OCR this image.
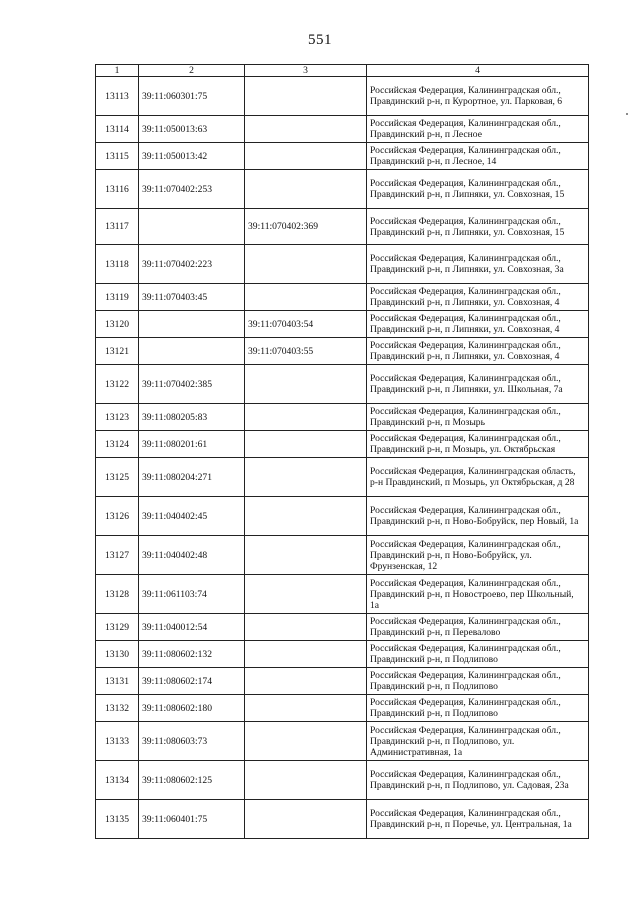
551
1	2	3	4
13113	39:11:060301:75		Российская Федерация, Калининградская обл., Правдинский р-н, п Курортное, ул. Парковая, 6
13114	39:11:050013:63		Российская Федерация, Калининградская обл., Правдинский р-н, п Лесное
13115	39:11:050013:42		Российская Федерация, Калининградская обл., Правдинский р-н, п Лесное, 14
13116	39:11:070402:253		Российская Федерация, Калининградская обл., Правдинский р-н, п Липняки, ул. Совхозная, 15
13117		39:11:070402:369	Российская Федерация, Калининградская обл., Правдинский р-н, п Липняки, ул. Совхозная, 15
13118	39:11:070402:223		Российская Федерация, Калининградская обл., Правдинский р-н, п Липняки, ул. Совхозная, 3а
13119	39:11:070403:45		Российская Федерация, Калининградская обл., Правдинский р-н, п Липняки, ул. Совхозная, 4
13120		39:11:070403:54	Российская Федерация, Калининградская обл., Правдинский р-н, п Липняки, ул. Совхозная, 4
13121		39:11:070403:55	Российская Федерация, Калининградская обл., Правдинский р-н, п Липняки, ул. Совхозная, 4
13122	39:11:070402:385		Российская Федерация, Калининградская обл., Правдинский р-н, п Липняки, ул. Школьная, 7а
13123	39:11:080205:83		Российская Федерация, Калининградская обл., Правдинский р-н, п Мозырь
13124	39:11:080201:61		Российская Федерация, Калининградская обл., Правдинский р-н, п Мозырь, ул. Октябрьская
13125	39:11:080204:271		Российская Федерация, Калининградская область, р-н Правдинский, п Мозырь, ул Октябрьская, д 28
13126	39:11:040402:45		Российская Федерация, Калининградская обл., Правдинский р-н, п Ново-Бобруйск, пер Новый, 1а
13127	39:11:040402:48		Российская Федерация, Калининградская обл., Правдинский р-н, п Ново-Бобруйск, ул. Фрунзенская, 12
13128	39:11:061103:74		Российская Федерация, Калининградская обл., Правдинский р-н, п Новостроево, пер Школьный, 1а
13129	39:11:040012:54		Российская Федерация, Калининградская обл., Правдинский р-н, п Перевалово
13130	39:11:080602:132		Российская Федерация, Калининградская обл., Правдинский р-н, п Подлипово
13131	39:11:080602:174		Российская Федерация, Калининградская обл., Правдинский р-н, п Подлипово
13132	39:11:080602:180		Российская Федерация, Калининградская обл., Правдинский р-н, п Подлипово
13133	39:11:080603:73		Российская Федерация, Калининградская обл., Правдинский р-н, п Подлипово, ул. Административная, 1а
13134	39:11:080602:125		Российская Федерация, Калининградская обл., Правдинский р-н, п Подлипово, ул. Садовая, 23а
13135	39:11:060401:75		Российская Федерация, Калининградская обл., Правдинский р-н, п Поречье, ул. Центральная, 1а
